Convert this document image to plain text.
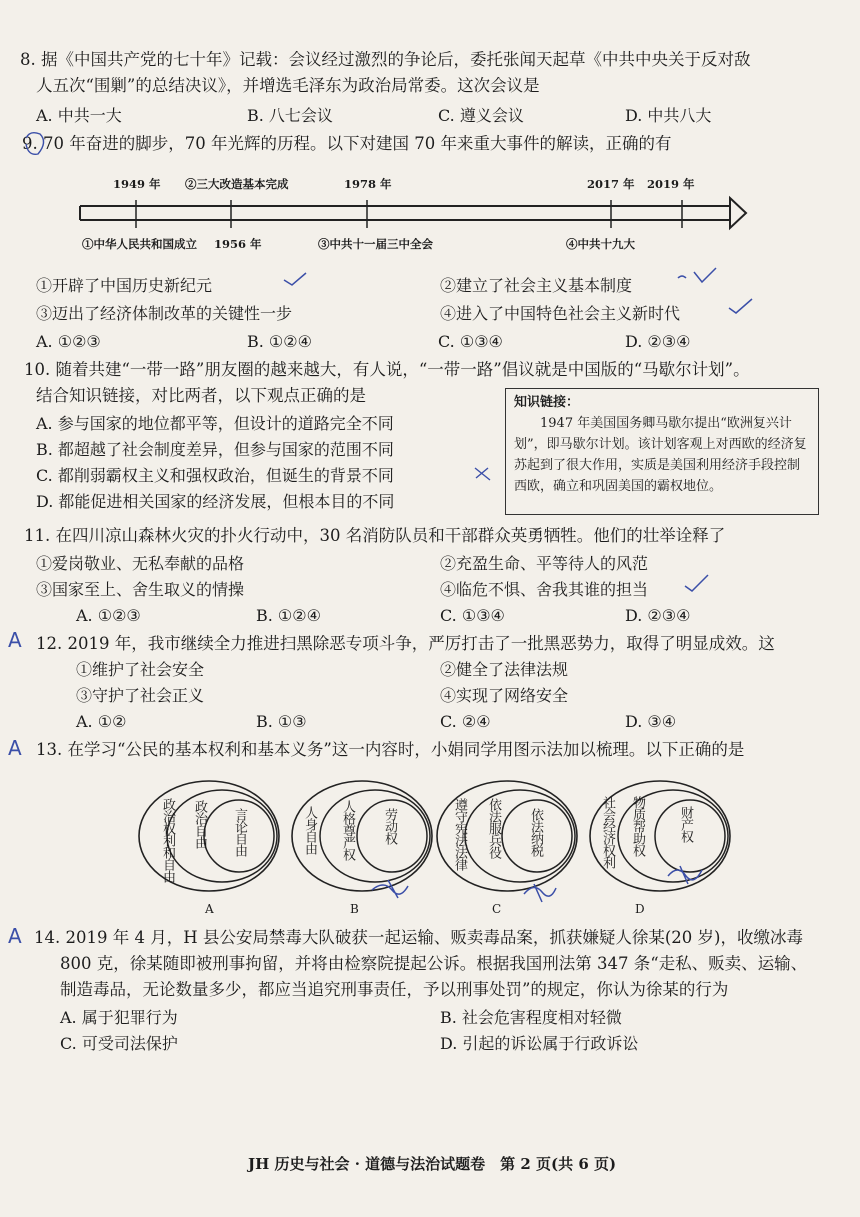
8. 据《中国共产党的七十年》记载：会议经过激烈的争论后，委托张闻天起草《中共中央关于反对敌
人五次“围剿”的总结决议》，并增选毛泽东为政治局常委。这次会议是
A. 中共一大	B. 八七会议	C. 遵义会议	D. 中共八大
9. 70 年奋进的脚步，70 年光辉的历程。以下对建国 70 年来重大事件的解读，正确的有
1949 年 ②三大改造基本完成	1978 年	2017 年 2019 年
①中华人民共和国成立 1956 年	③中共十一届三中全会	④中共十九大
①开辟了中国历史新纪元	②建立了社会主义基本制度
③迈出了经济体制改革的关键性一步	④进入了中国特色社会主义新时代
A. ①②③	B. ①②④	C. ①③④	D. ②③④
10. 随着共建“一带一路”朋友圈的越来越大，有人说，“一带一路”倡议就是中国版的“马歇尔计划”。
结合知识链接，对比两者，以下观点正确的是
A. 参与国家的地位都平等，但设计的道路完全不同
B. 都超越了社会制度差异，但参与国家的范围不同
C. 都削弱霸权主义和强权政治，但诞生的背景不同
D. 都能促进相关国家的经济发展，但根本目的不同
知识链接：
1947 年美国国务卿马歇尔提出“欧洲复兴计划”，即马歇尔计划。该计划客观上对西欧的经济复苏起到了很大作用，实质是美国利用经济手段控制西欧，确立和巩固美国的霸权地位。
11. 在四川凉山森林火灾的扑火行动中，30 名消防队员和干部群众英勇牺牲。他们的壮举诠释了
①爱岗敬业、无私奉献的品格	②充盈生命、平等待人的风范
③国家至上、舍生取义的情操	④临危不惧、舍我其谁的担当
A. ①②③	B. ①②④	C. ①③④	D. ②③④
12. 2019 年，我市继续全力推进扫黑除恶专项斗争，严厉打击了一批黑恶势力，取得了明显成效。这
A
①维护了社会安全	②健全了法律法规
③守护了社会正义	④实现了网络安全
A. ①②	B. ①③	C. ②④	D. ③④
13. 在学习“公民的基本权利和基本义务”这一内容时，小娟同学用图示法加以梳理。以下正确的是
A
政治权利和自由 政治自由 言论自由
A
人身自由 人格尊严权 劳动权
B
遵守宪法法律 依法服兵役 依法纳税
C
社会经济权利 物质帮助权	财产权
D
14. 2019 年 4 月，H 县公安局禁毒大队破获一起运输、贩卖毒品案，抓获嫌疑人徐某(20 岁)，收缴冰毒
A
800 克，徐某随即被刑事拘留，并将由检察院提起公诉。根据我国刑法第 347 条“走私、贩卖、运输、
制造毒品，无论数量多少，都应当追究刑事责任，予以刑事处罚”的规定，你认为徐某的行为
A. 属于犯罪行为	B. 社会危害程度相对轻微
C. 可受司法保护	D. 引起的诉讼属于行政诉讼
JH 历史与社会 · 道德与法治试题卷　第 2 页(共 6 页)
